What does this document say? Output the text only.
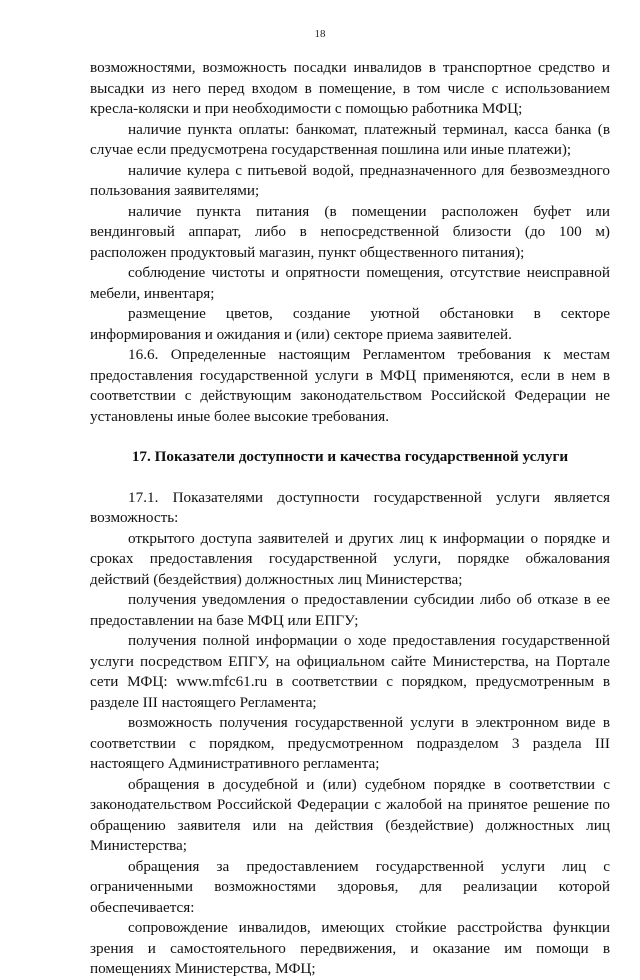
18

возможностями, возможность посадки инвалидов в транспортное средство и высадки из него перед входом в помещение, в том числе с использованием кресла-коляски и при необходимости с помощью работника МФЦ;

наличие пункта оплаты: банкомат, платежный терминал, касса банка (в случае если предусмотрена государственная пошлина или иные платежи);

наличие кулера с питьевой водой, предназначенного для безвозмездного пользования заявителями;

наличие пункта питания (в помещении расположен буфет или вендинговый аппарат, либо в непосредственной близости (до 100 м) расположен продуктовый магазин, пункт общественного питания);

соблюдение чистоты и опрятности помещения, отсутствие неисправной мебели, инвентаря;

размещение цветов, создание уютной обстановки в секторе информирования и ожидания и (или) секторе приема заявителей.

16.6. Определенные настоящим Регламентом требования к местам предоставления государственной услуги в МФЦ применяются, если в нем в соответствии с действующим законодательством Российской Федерации не установлены иные более высокие требования.

17. Показатели доступности и качества государственной услуги

17.1. Показателями доступности государственной услуги является возможность:

открытого доступа заявителей и других лиц к информации о порядке и сроках предоставления государственной услуги, порядке обжалования действий (бездействия) должностных лиц Министерства;

получения уведомления о предоставлении субсидии либо об отказе в ее предоставлении на базе МФЦ или ЕПГУ;

получения полной информации о ходе предоставления государственной услуги посредством ЕПГУ, на официальном сайте Министерства, на Портале сети МФЦ: www.mfc61.ru в соответствии с порядком, предусмотренным в разделе III настоящего Регламента;

возможность получения государственной услуги в электронном виде в соответствии с порядком, предусмотренном подразделом 3 раздела III настоящего Административного регламента;

обращения в досудебной и (или) судебном порядке в соответствии с законодательством Российской Федерации с жалобой на принятое решение по обращению заявителя или на действия (бездействие) должностных лиц Министерства;

обращения за предоставлением государственной услуги лиц с ограниченными возможностями здоровья, для реализации которой обеспечивается:

сопровождение инвалидов, имеющих стойкие расстройства функции зрения и самостоятельного передвижения, и оказание им помощи в помещениях Министерства, МФЦ;
